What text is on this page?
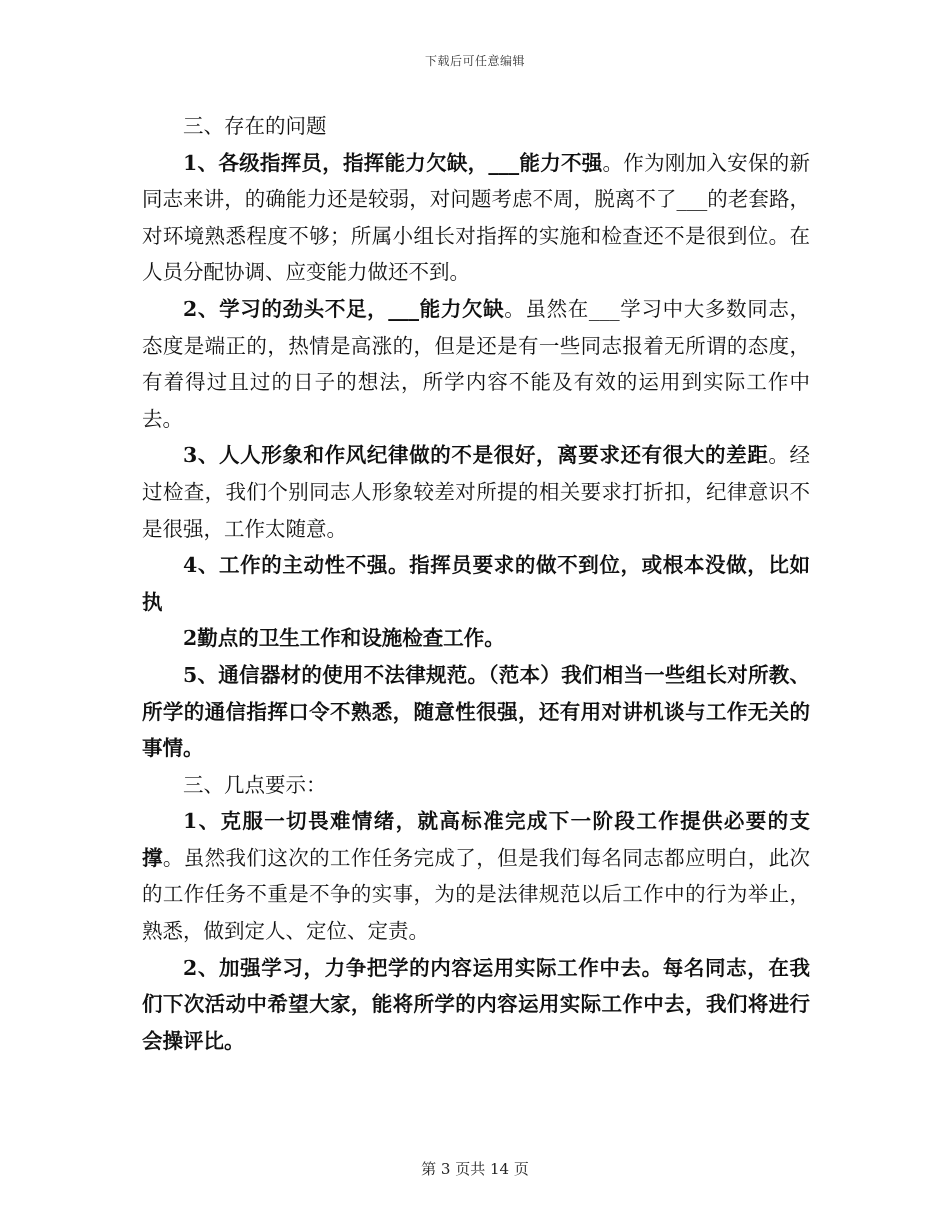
下载后可任意编辑

三、存在的问题

1、各级指挥员，指挥能力欠缺，___能力不强。作为刚加入安保的新同志来讲，的确能力还是较弱，对问题考虑不周，脱离不了___的老套路，对环境熟悉程度不够；所属小组长对指挥的实施和检查还不是很到位。在人员分配协调、应变能力做还不到。

2、学习的劲头不足，___能力欠缺。虽然在___学习中大多数同志，态度是端正的，热情是高涨的，但是还是有一些同志报着无所谓的态度，有着得过且过的日子的想法，所学内容不能及有效的运用到实际工作中去。

3、人人形象和作风纪律做的不是很好，离要求还有很大的差距。经过检查，我们个别同志人形象较差对所提的相关要求打折扣，纪律意识不是很强，工作太随意。

4、工作的主动性不强。指挥员要求的做不到位，或根本没做，比如执

2勤点的卫生工作和设施检查工作。

5、通信器材的使用不法律规范。（范本）我们相当一些组长对所教、所学的通信指挥口令不熟悉，随意性很强，还有用对讲机谈与工作无关的事情。

三、几点要示：

1、克服一切畏难情绪，就高标准完成下一阶段工作提供必要的支撑。虽然我们这次的工作任务完成了，但是我们每名同志都应明白，此次的工作任务不重是不争的实事，为的是法律规范以后工作中的行为举止，熟悉，做到定人、定位、定责。

2、加强学习，力争把学的内容运用实际工作中去。每名同志，在我们下次活动中希望大家，能将所学的内容运用实际工作中去，我们将进行会操评比。

第 3 页共 14 页
